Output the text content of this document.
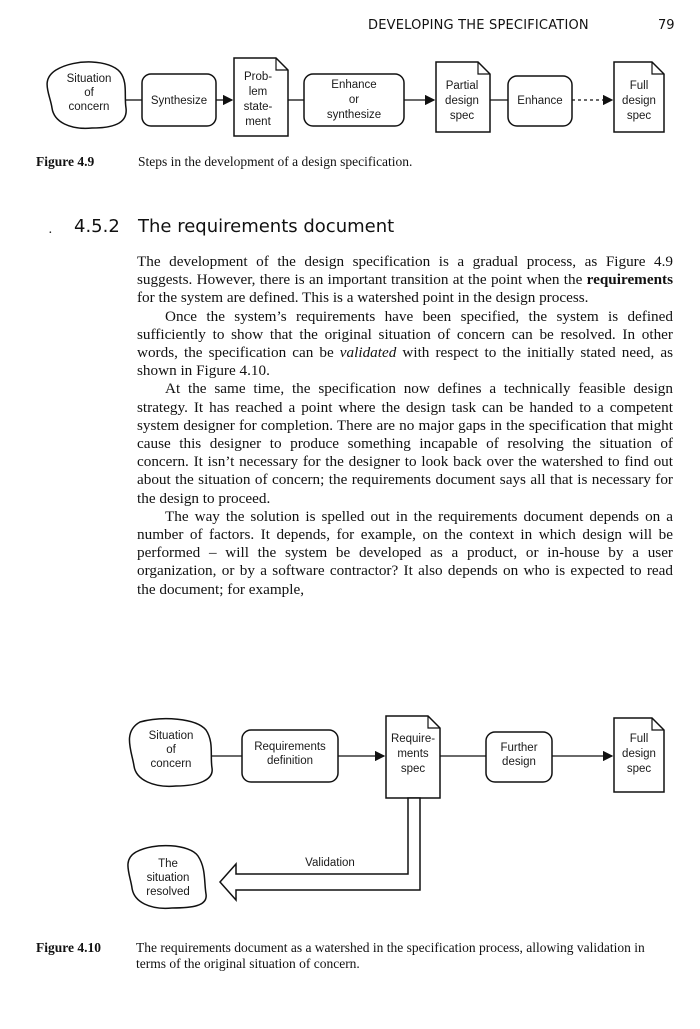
DEVELOPING THE SPECIFICATION	79
Situation
of
concern	Synthesize
Prob-
lem
state-
ment
Enhance
or
synthesize
Partial
design
spec
Enhance
Full
design
spec
Figure 4.9	Steps in the development of a design specification.
· 4.5.2 The requirements document

The development of the design specification is a gradual process, as Figure 4.9 suggests. However, there is an important transition at the point when the requirements for the system are defined. This is a watershed point in the design process.

Once the system’s requirements have been specified, the system is defined sufficiently to show that the original situation of concern can be resolved. In other words, the specification can be validated with respect to the initially stated need, as shown in Figure 4.10.

At the same time, the specification now defines a technically feasible design strategy. It has reached a point where the design task can be handed to a competent system designer for completion. There are no major gaps in the specification that might cause this designer to produce something incapable of resolving the situation of concern. It isn’t necessary for the designer to look back over the watershed to find out about the situation of concern; the requirements document says all that is necessary for the design to proceed.

The way the solution is spelled out in the requirements document depends on a number of factors. It depends, for example, on the context in which design will be performed – will the system be developed as a product, or in-house by a user organization, or by a software contractor? It also depends on who is expected to read the document; for example,

Situation
of
concern
Requirements
definition
Require-
ments
spec
Further
design
Full
design
spec
Validation
The
situation
resolved
Figure 4.10	The requirements document as a watershed in the specification process, allowing validation in terms of the original situation of concern.
